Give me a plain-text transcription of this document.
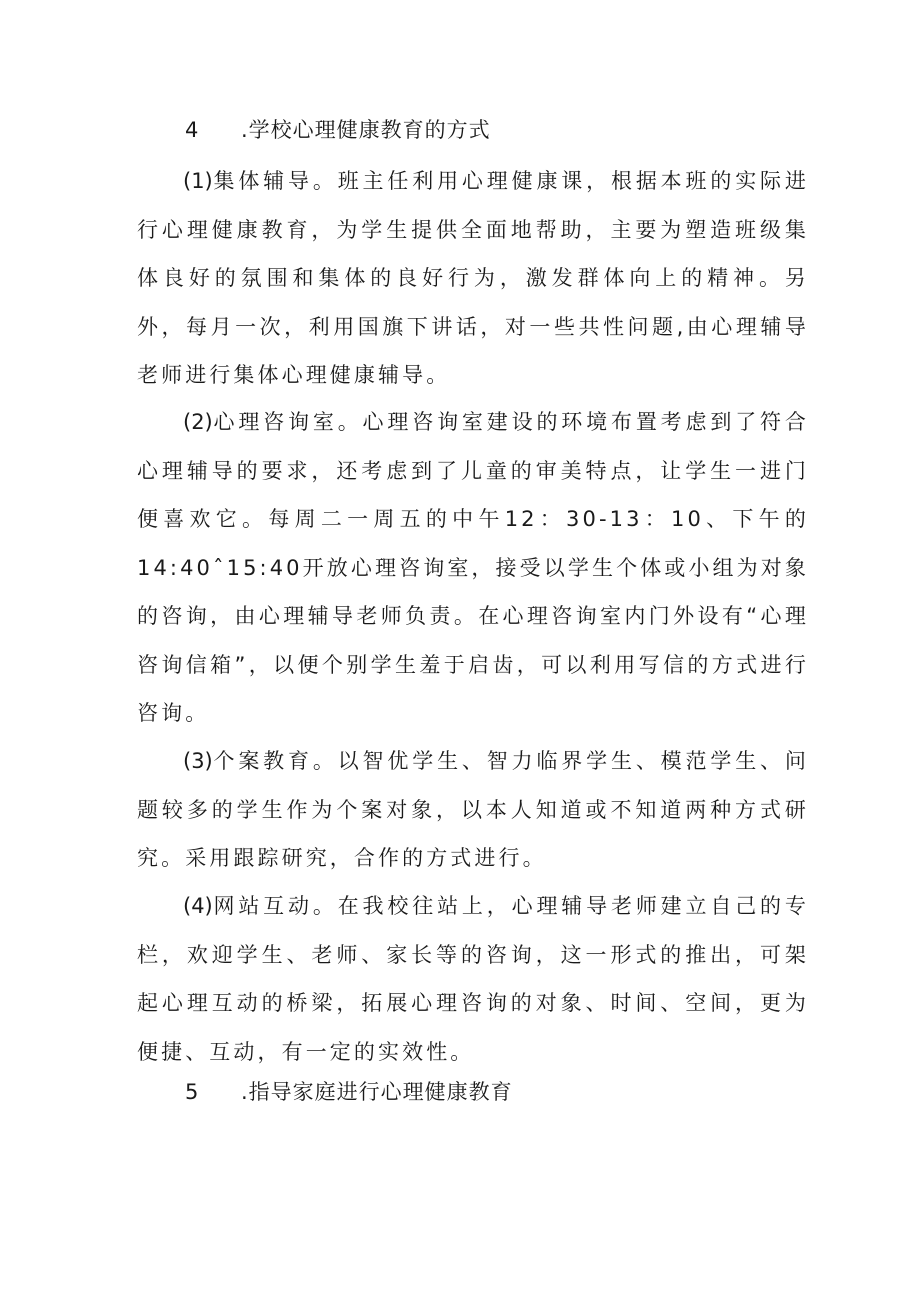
4 .学校心理健康教育的方式

(1)集体辅导。班主任利用心理健康课，根据本班的实际进行心理健康教育，为学生提供全面地帮助，主要为塑造班级集体良好的氛围和集体的良好行为，激发群体向上的精神。另外，每月一次，利用国旗下讲话，对一些共性问题,由心理辅导老师进行集体心理健康辅导。

(2)心理咨询室。心理咨询室建设的环境布置考虑到了符合心理辅导的要求，还考虑到了儿童的审美特点，让学生一进门便喜欢它。每周二一周五的中午12：30-13：10、下午的14:40ˆ15:40开放心理咨询室，接受以学生个体或小组为对象的咨询，由心理辅导老师负责。在心理咨询室内门外设有“心理咨询信箱”，以便个别学生羞于启齿，可以利用写信的方式进行咨询。

(3)个案教育。以智优学生、智力临界学生、模范学生、问题较多的学生作为个案对象，以本人知道或不知道两种方式研究。采用跟踪研究，合作的方式进行。

(4)网站互动。在我校往站上，心理辅导老师建立自己的专栏，欢迎学生、老师、家长等的咨询，这一形式的推出，可架起心理互动的桥梁，拓展心理咨询的对象、时间、空间，更为便捷、互动，有一定的实效性。

5 .指导家庭进行心理健康教育
